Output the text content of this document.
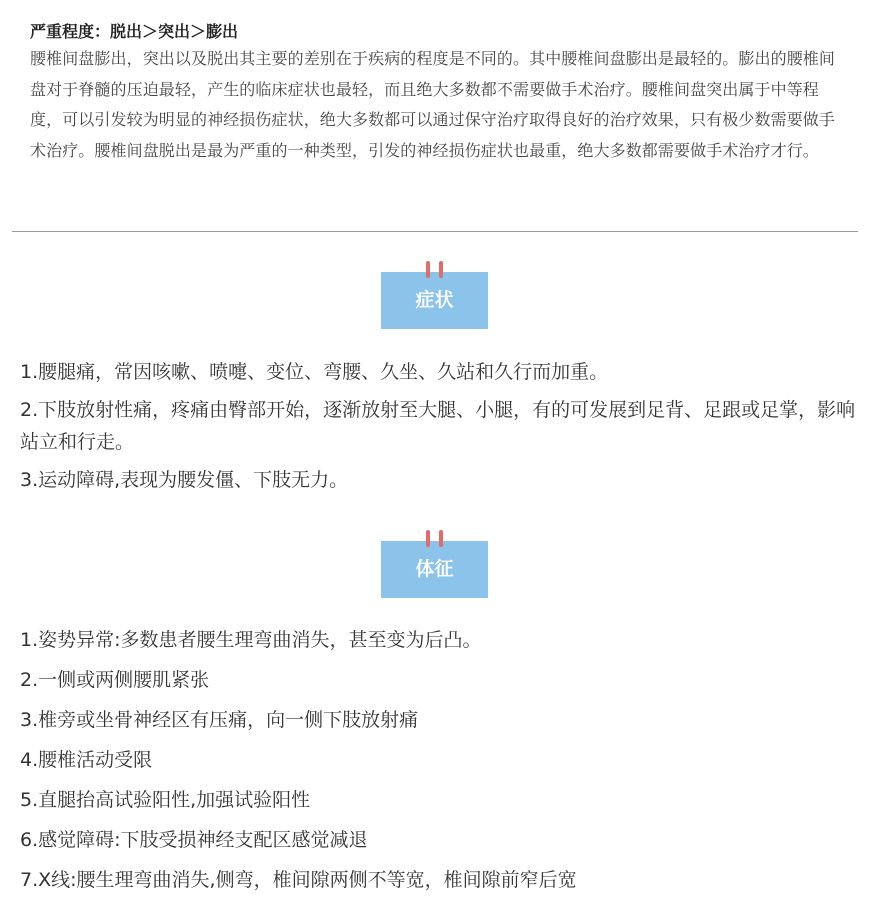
严重程度：脱出＞突出＞膨出

腰椎间盘膨出，突出以及脱出其主要的差别在于疾病的程度是不同的。其中腰椎间盘膨出是最轻的。膨出的腰椎间盘对于脊髓的压迫最轻，产生的临床症状也最轻，而且绝大多数都不需要做手术治疗。腰椎间盘突出属于中等程度，可以引发较为明显的神经损伤症状，绝大多数都可以通过保守治疗取得良好的治疗效果，只有极少数需要做手术治疗。腰椎间盘脱出是最为严重的一种类型，引发的神经损伤症状也最重，绝大多数都需要做手术治疗才行。

症状
1.腰腿痛，常因咳嗽、喷嚏、变位、弯腰、久坐、久站和久行而加重。
2.下肢放射性痛，疼痛由臀部开始，逐渐放射至大腿、小腿，有的可发展到足背、足跟或足掌，影响站立和行走。
3.运动障碍,表现为腰发僵、下肢无力。
体征
1.姿势异常:多数患者腰生理弯曲消失，甚至变为后凸。
2.一侧或两侧腰肌紧张
3.椎旁或坐骨神经区有压痛，向一侧下肢放射痛
4.腰椎活动受限
5.直腿抬高试验阳性,加强试验阳性
6.感觉障碍:下肢受损神经支配区感觉减退
7.X线:腰生理弯曲消失,侧弯，椎间隙两侧不等宽，椎间隙前窄后宽
